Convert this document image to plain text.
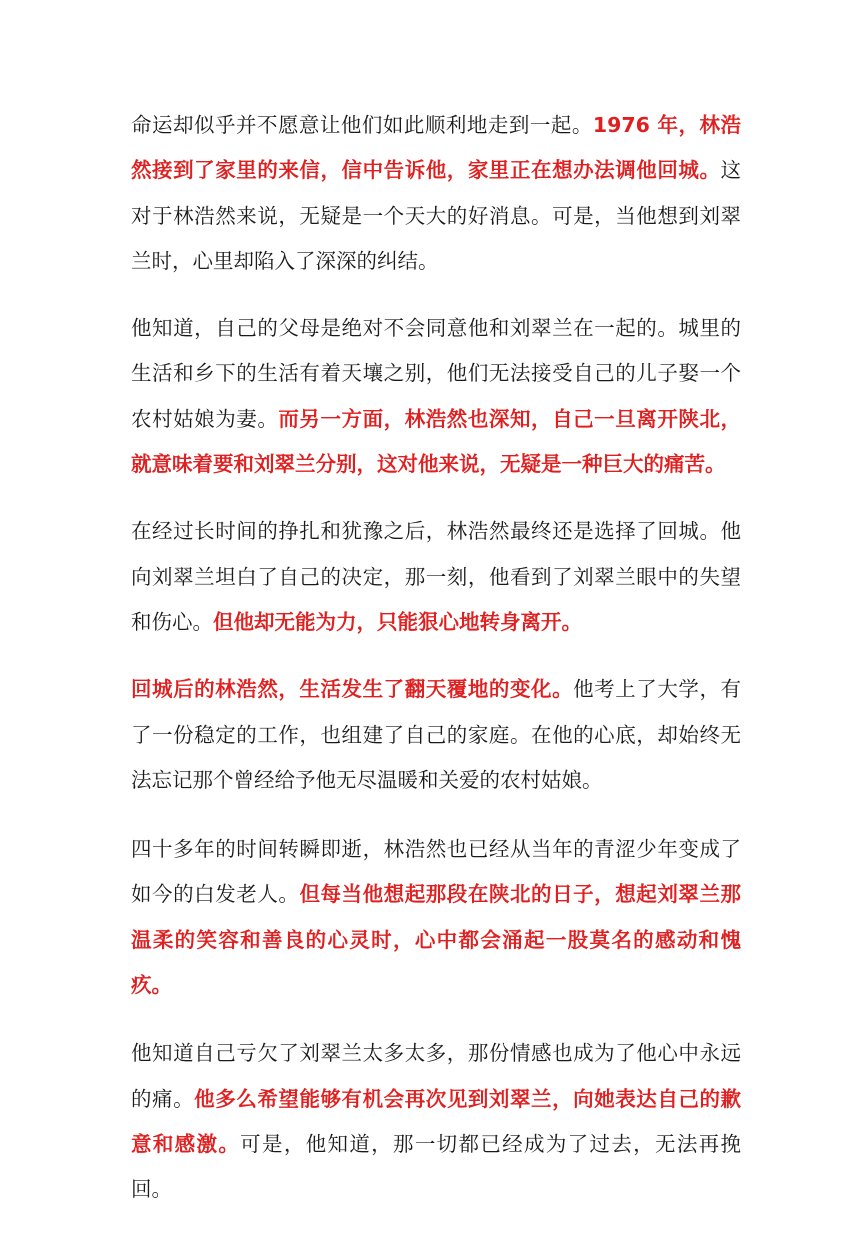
命运却似乎并不愿意让他们如此顺利地走到一起。1976 年，林浩然接到了家里的来信，信中告诉他，家里正在想办法调他回城。这对于林浩然来说，无疑是一个天大的好消息。可是，当他想到刘翠兰时，心里却陷入了深深的纠结。

他知道，自己的父母是绝对不会同意他和刘翠兰在一起的。城里的生活和乡下的生活有着天壤之别，他们无法接受自己的儿子娶一个农村姑娘为妻。而另一方面，林浩然也深知，自己一旦离开陕北，就意味着要和刘翠兰分别，这对他来说，无疑是一种巨大的痛苦。

在经过长时间的挣扎和犹豫之后，林浩然最终还是选择了回城。他向刘翠兰坦白了自己的决定，那一刻，他看到了刘翠兰眼中的失望和伤心。但他却无能为力，只能狠心地转身离开。

回城后的林浩然，生活发生了翻天覆地的变化。他考上了大学，有了一份稳定的工作，也组建了自己的家庭。在他的心底，却始终无法忘记那个曾经给予他无尽温暖和关爱的农村姑娘。

四十多年的时间转瞬即逝，林浩然也已经从当年的青涩少年变成了如今的白发老人。但每当他想起那段在陕北的日子，想起刘翠兰那温柔的笑容和善良的心灵时，心中都会涌起一股莫名的感动和愧疚。

他知道自己亏欠了刘翠兰太多太多，那份情感也成为了他心中永远的痛。他多么希望能够有机会再次见到刘翠兰，向她表达自己的歉意和感激。可是，他知道，那一切都已经成为了过去，无法再挽回。
